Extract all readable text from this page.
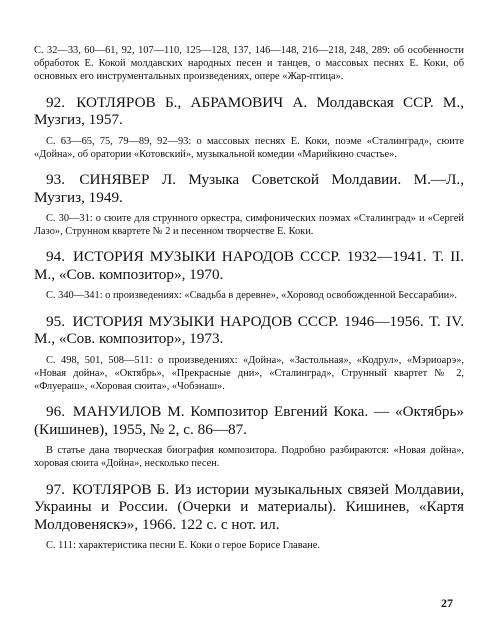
С. 32—33, 60—61, 92, 107—110, 125—128, 137, 146—148, 216—218, 248, 289: об особенности обработок Е. Кокой молдавских народных песен и танцев, о массовых песнях Е. Коки, об основных его инструментальных произведениях, опере «Жар-птица».

92. КОТЛЯРОВ Б., АБРАМОВИЧ А. Молдавская ССР. М., Музгиз, 1957.

С. 63—65, 75, 79—89, 92—93: о массовых песнях Е. Коки, поэме «Сталинград», сюите «Дойна», об оратории «Котовский», музыкальной комедии «Марийкино счастье».

93. СИНЯВЕР Л. Музыка Советской Молдавии. М.—Л., Музгиз, 1949.

С. 30—31: о сюите для струнного оркестра, симфонических поэмах «Сталинград» и «Сергей Лазо», Струнном квартете № 2 и песенном творчестве Е. Коки.

94. ИСТОРИЯ МУЗЫКИ НАРОДОВ СССР. 1932—1941. Т. II. М., «Сов. композитор», 1970.

С. 340—341: о произведениях: «Свадьба в деревне», «Хоровод освобожденной Бессарабии».

95. ИСТОРИЯ МУЗЫКИ НАРОДОВ СССР. 1946—1956. Т. IV. М., «Сов. композитор», 1973.

С. 498, 501, 508—511: о произведениях: «Дойна», «Застольная», «Кодрул», «Мэриоарэ», «Новая дойна», «Октябрь», «Прекрасные дни», «Сталинград», Струнный квартет № 2, «Флуераш», «Хоровая сюита», «Чобэнаш».

96. МАНУИЛОВ М. Композитор Евгений Кока. — «Октябрь» (Кишинев), 1955, № 2, с. 86—87.

В статье дана творческая биография композитора. Подробно разбираются: «Новая дойна», хоровая сюита «Дойна», несколько песен.

97. КОТЛЯРОВ Б. Из истории музыкальных связей Молдавии, Украины и России. (Очерки и материалы). Кишинев, «Картя Молдовеняскэ», 1966. 122 с. с нот. ил.

С. 111: характеристика песни Е. Коки о герое Борисе Главане.

27
